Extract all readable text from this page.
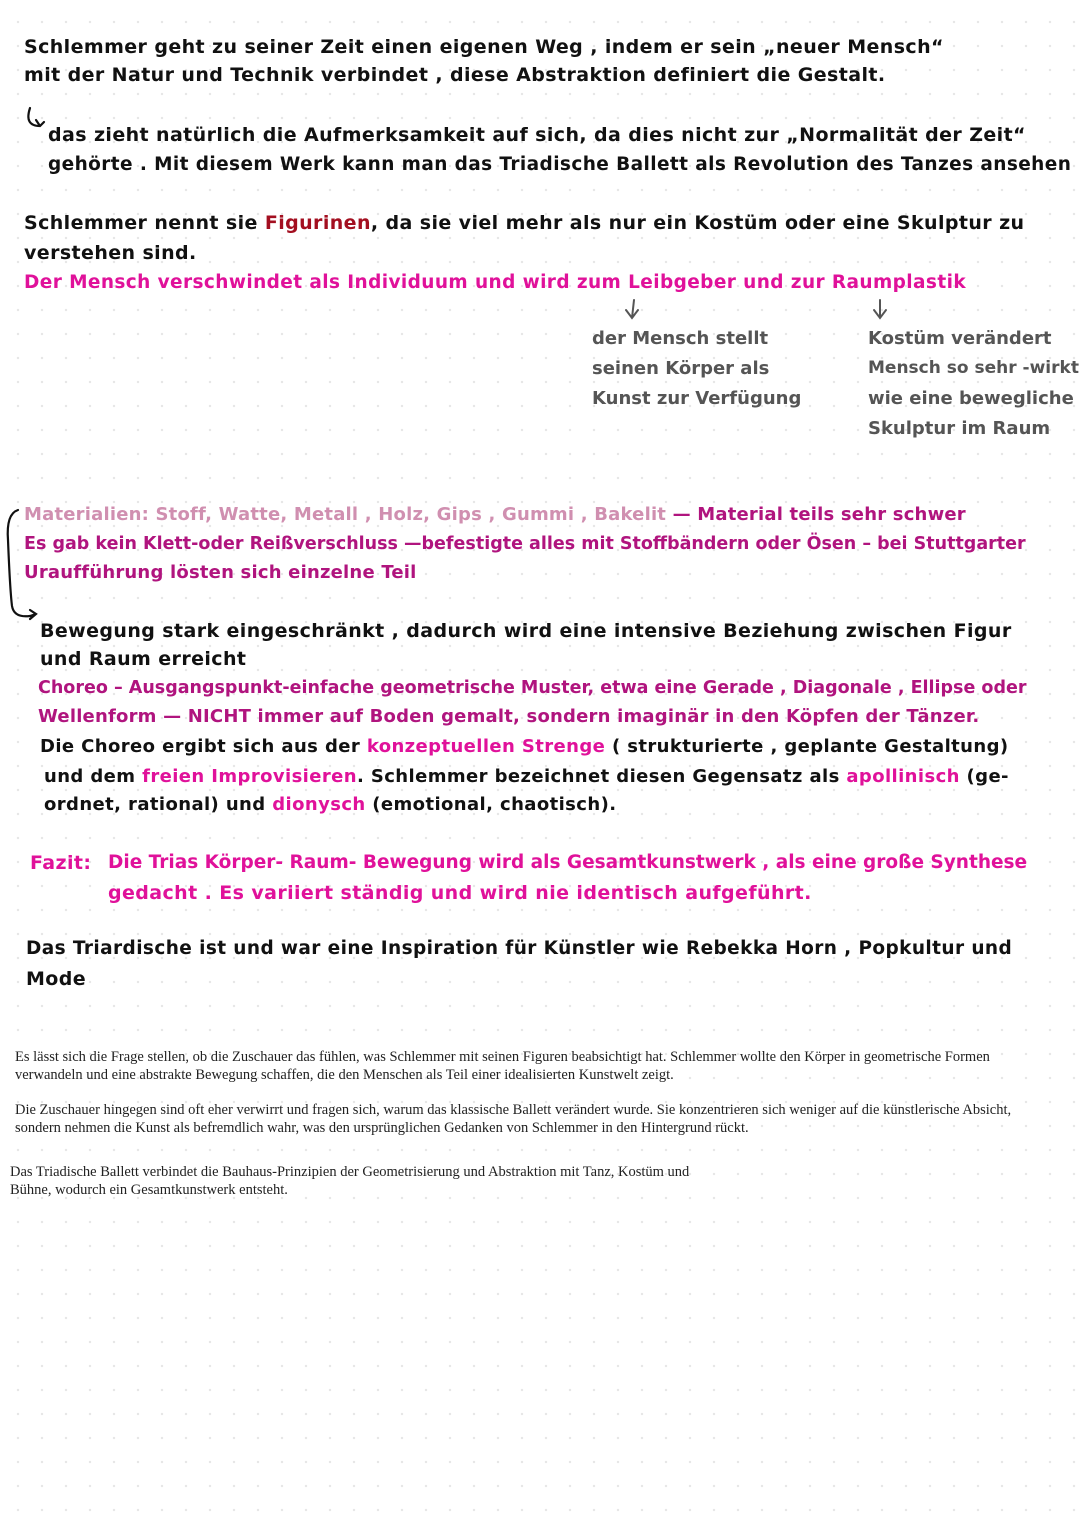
Schlemmer geht zu seiner Zeit einen eigenen Weg , indem er sein „neuer Mensch“
mit der Natur und Technik verbindet , diese Abstraktion definiert die Gestalt.
das zieht natürlich die Aufmerksamkeit auf sich, da dies nicht zur „Normalität der Zeit“
gehörte . Mit diesem Werk kann man das Triadische Ballett als Revolution des Tanzes ansehen
Schlemmer nennt sie Figurinen, da sie viel mehr als nur ein Kostüm oder eine Skulptur zu
verstehen sind.
Der Mensch verschwindet als Individuum und wird zum Leibgeber und zur Raumplastik
der Mensch stellt
seinen Körper als
Kunst zur Verfügung
Kostüm verändert
Mensch so sehr -wirkt
wie eine bewegliche
Skulptur im Raum
Materialien: Stoff, Watte, Metall , Holz, Gips , Gummi , Bakelit — Material teils sehr schwer
Es gab kein Klett-oder Reißverschluss —befestigte alles mit Stoffbändern oder Ösen – bei Stuttgarter
Uraufführung lösten sich einzelne Teil
Bewegung stark eingeschränkt , dadurch wird eine intensive Beziehung zwischen Figur
und Raum erreicht
Choreo – Ausgangspunkt-einfache geometrische Muster, etwa eine Gerade , Diagonale , Ellipse oder
Wellenform — NICHT immer auf Boden gemalt, sondern imaginär in den Köpfen der Tänzer.
Die Choreo ergibt sich aus der konzeptuellen Strenge ( strukturierte , geplante Gestaltung)
und dem freien Improvisieren. Schlemmer bezeichnet diesen Gegensatz als apollinisch (ge-
ordnet, rational) und dionysch (emotional, chaotisch).
Fazit: Die Trias Körper- Raum- Bewegung wird als Gesamtkunstwerk , als eine große Synthese
gedacht . Es variiert ständig und wird nie identisch aufgeführt.
Das Triardische ist und war eine Inspiration für Künstler wie Rebekka Horn , Popkultur und
Mode

Es lässt sich die Frage stellen, ob die Zuschauer das fühlen, was Schlemmer mit seinen Figuren beabsichtigt hat. Schlemmer wollte den Körper in geometrische Formen verwandeln und eine abstrakte Bewegung schaffen, die den Menschen als Teil einer idealisierten Kunstwelt zeigt.

Die Zuschauer hingegen sind oft eher verwirrt und fragen sich, warum das klassische Ballett verändert wurde. Sie konzentrieren sich weniger auf die künstlerische Absicht, sondern nehmen die Kunst als befremdlich wahr, was den ursprünglichen Gedanken von Schlemmer in den Hintergrund rückt.

Das Triadische Ballett verbindet die Bauhaus-Prinzipien der Geometrisierung und Abstraktion mit Tanz, Kostüm und Bühne, wodurch ein Gesamtkunstwerk entsteht.
